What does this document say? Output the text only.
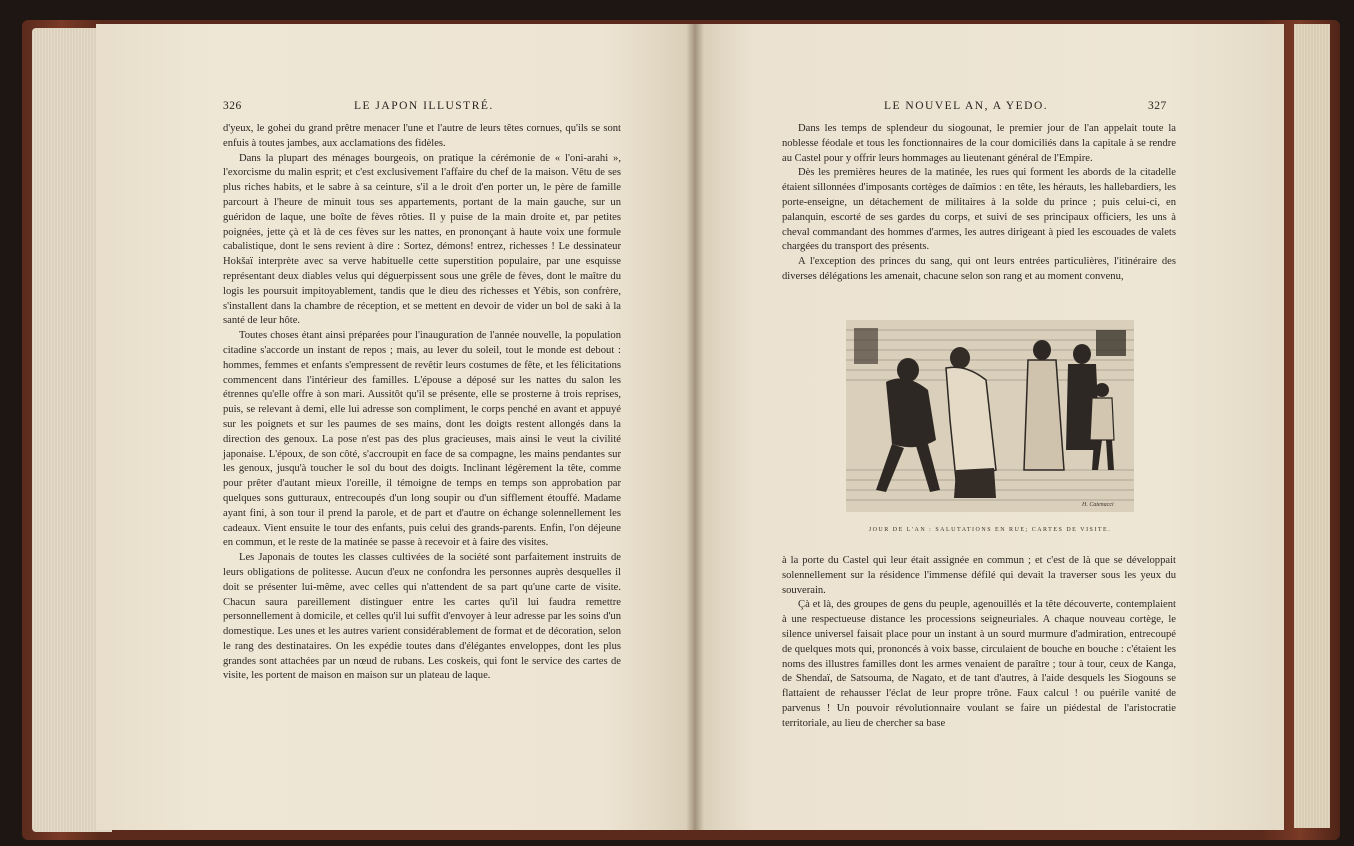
326	LE JAPON ILLUSTRÉ.

d'yeux, le gohei du grand prêtre menacer l'une et l'autre de leurs têtes cornues, qu'ils se sont enfuis à toutes jambes, aux acclamations des fidèles.

Dans la plupart des ménages bourgeois, on pratique la cérémonie de « l'oni-arahi », l'exorcisme du malin esprit; et c'est exclusivement l'affaire du chef de la maison. Vêtu de ses plus riches habits, et le sabre à sa ceinture, s'il a le droit d'en porter un, le père de famille parcourt à l'heure de minuit tous ses appartements, portant de la main gauche, sur un guéridon de laque, une boîte de fèves rôties. Il y puise de la main droite et, par petites poignées, jette çà et là de ces fèves sur les nattes, en prononçant à haute voix une formule cabalistique, dont le sens revient à dire : Sortez, démons! entrez, richesses ! Le dessinateur Hokšaï interprète avec sa verve habituelle cette superstition populaire, par une esquisse représentant deux diables velus qui déguerpissent sous une grêle de fèves, dont le maître du logis les poursuit impitoyablement, tandis que le dieu des richesses et Yébis, son confrère, s'installent dans la chambre de réception, et se mettent en devoir de vider un bol de saki à la santé de leur hôte.

Toutes choses étant ainsi préparées pour l'inauguration de l'année nouvelle, la population citadine s'accorde un instant de repos ; mais, au lever du soleil, tout le monde est debout : hommes, femmes et enfants s'empressent de revêtir leurs costumes de fête, et les félicitations commencent dans l'intérieur des familles. L'épouse a déposé sur les nattes du salon les étrennes qu'elle offre à son mari. Aussitôt qu'il se présente, elle se prosterne à trois reprises, puis, se relevant à demi, elle lui adresse son compliment, le corps penché en avant et appuyé sur les poignets et sur les paumes de ses mains, dont les doigts restent allongés dans la direction des genoux. La pose n'est pas des plus gracieuses, mais ainsi le veut la civilité japonaise. L'époux, de son côté, s'accroupit en face de sa compagne, les mains pendantes sur les genoux, jusqu'à toucher le sol du bout des doigts. Inclinant légèrement la tête, comme pour prêter d'autant mieux l'oreille, il témoigne de temps en temps son approbation par quelques sons gutturaux, entrecoupés d'un long soupir ou d'un sifflement étouffé. Madame ayant fini, à son tour il prend la parole, et de part et d'autre on échange solennellement les cadeaux. Vient ensuite le tour des enfants, puis celui des grands-parents. Enfin, l'on déjeune en commun, et le reste de la matinée se passe à recevoir et à faire des visites.

Les Japonais de toutes les classes cultivées de la société sont parfaitement instruits de leurs obligations de politesse. Aucun d'eux ne confondra les personnes auprès desquelles il doit se présenter lui-même, avec celles qui n'attendent de sa part qu'une carte de visite. Chacun saura pareillement distinguer entre les cartes qu'il lui faudra remettre personnellement à domicile, et celles qu'il lui suffit d'envoyer à leur adresse par les soins d'un domestique. Les unes et les autres varient considérablement de format et de décoration, selon le rang des destinataires. On les expédie toutes dans d'élégantes enveloppes, dont les plus grandes sont attachées par un nœud de rubans. Les coskeis, qui font le service des cartes de visite, les portent de maison en maison sur un plateau de laque.

LE NOUVEL AN, A YEDO.	327

Dans les temps de splendeur du siogounat, le premier jour de l'an appelait toute la noblesse féodale et tous les fonctionnaires de la cour domiciliés dans la capitale à se rendre au Castel pour y offrir leurs hommages au lieutenant général de l'Empire.

Dès les premières heures de la matinée, les rues qui forment les abords de la citadelle étaient sillonnées d'imposants cortèges de daïmios : en tête, les hérauts, les hallebardiers, les porte-enseigne, un détachement de militaires à la solde du prince ; puis celui-ci, en palanquin, escorté de ses gardes du corps, et suivi de ses principaux officiers, les uns à cheval commandant des hommes d'armes, les autres dirigeant à pied les escouades de valets chargées du transport des présents.

A l'exception des princes du sang, qui ont leurs entrées particulières, l'itinéraire des diverses délégations les amenait, chacune selon son rang et au moment convenu,

H. Catenacci
JOUR DE L'AN : SALUTATIONS EN RUE; CARTES DE VISITE.

à la porte du Castel qui leur était assignée en commun ; et c'est de là que se développait solennellement sur la résidence l'immense défilé qui devait la traverser sous les yeux du souverain.

Çà et là, des groupes de gens du peuple, agenouillés et la tête découverte, contemplaient à une respectueuse distance les processions seigneuriales. A chaque nouveau cortège, le silence universel faisait place pour un instant à un sourd murmure d'admiration, entrecoupé de quelques mots qui, prononcés à voix basse, circulaient de bouche en bouche : c'étaient les noms des illustres familles dont les armes venaient de paraître ; tour à tour, ceux de Kanga, de Shendaï, de Satsouma, de Nagato, et de tant d'autres, à l'aide desquels les Siogouns se flattaient de rehausser l'éclat de leur propre trône. Faux calcul ! ou puérile vanité de parvenus ! Un pouvoir révolutionnaire voulant se faire un piédestal de l'aristocratie territoriale, au lieu de chercher sa base
